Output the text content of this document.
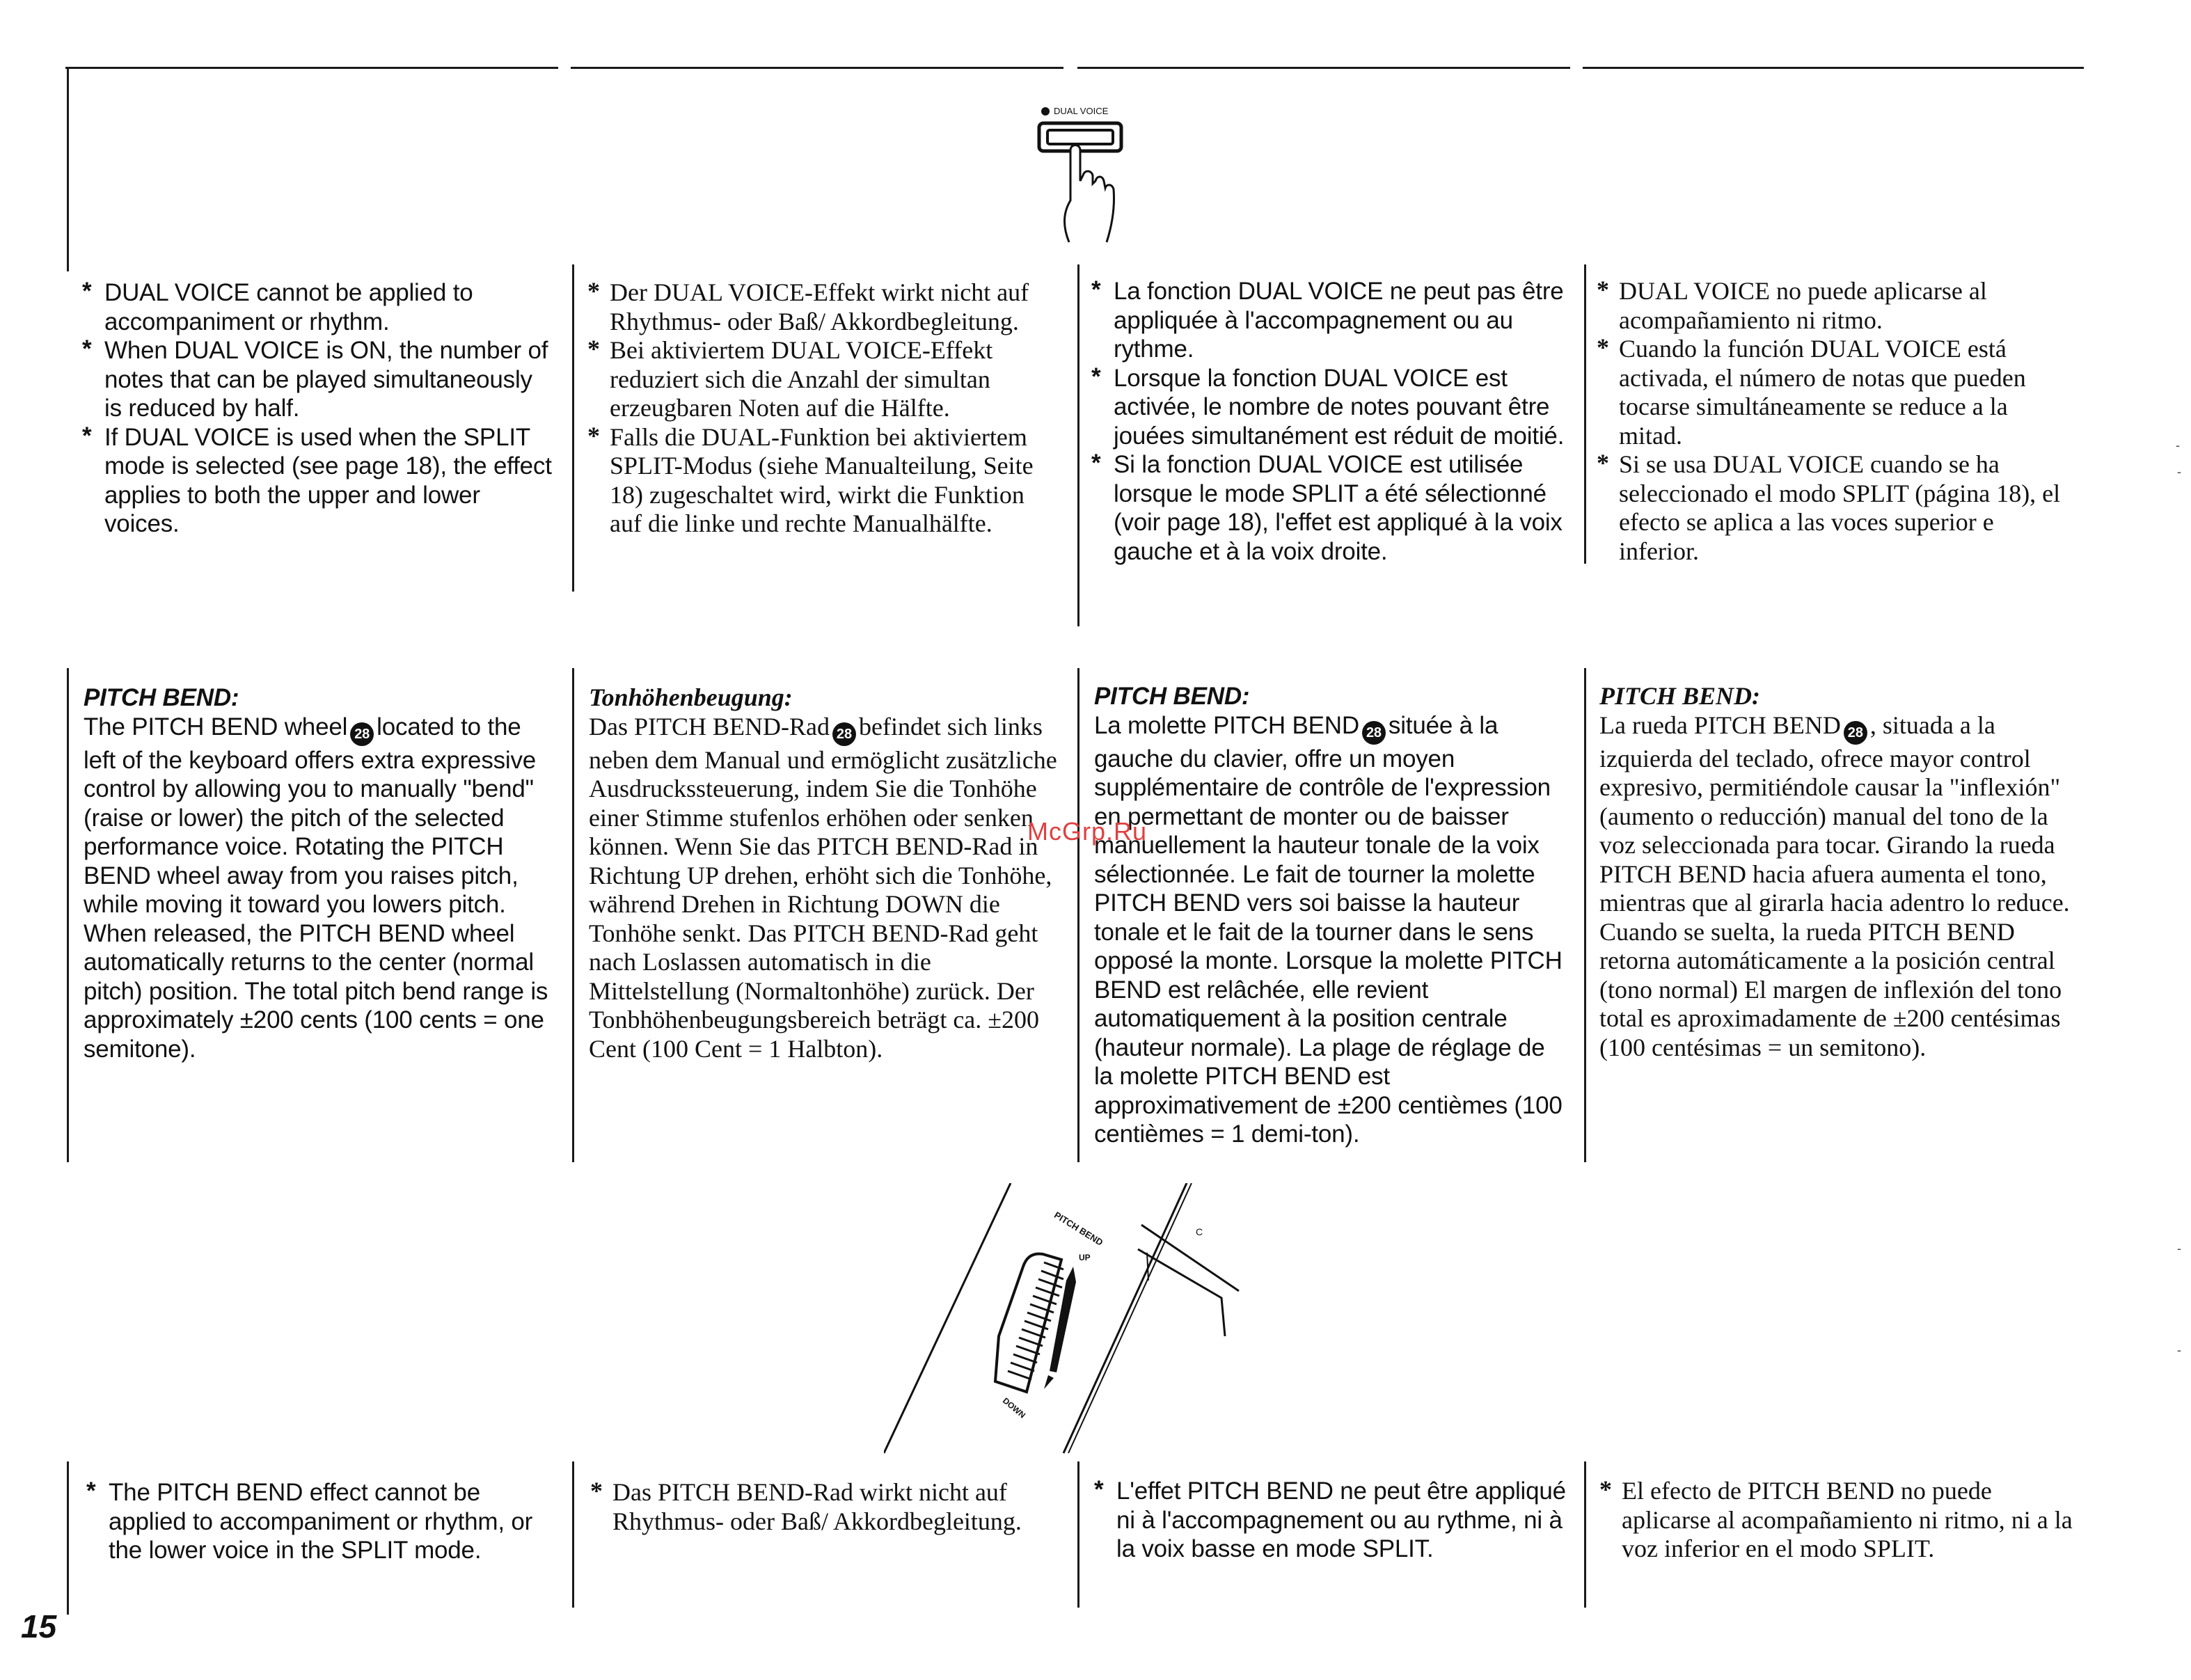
DUAL VOICE
PITCH BEND
UP
DOWN
C
* DUAL VOICE cannot be applied to accompaniment or rhythm.
* When DUAL VOICE is ON, the number of notes that can be played simultaneously is reduced by half.
* If DUAL VOICE is used when the SPLIT mode is selected (see page 18), the effect applies to both the upper and lower voices.
PITCH BEND:
The PITCH BEND wheel 28 located to the left of the keyboard offers extra expressive control by allowing you to manually "bend" (raise or lower) the pitch of the selected performance voice. Rotating the PITCH BEND wheel away from you raises pitch, while moving it toward you lowers pitch. When released, the PITCH BEND wheel automatically returns to the center (normal pitch) position. The total pitch bend range is approximately ±200 cents (100 cents = one semitone).
* The PITCH BEND effect cannot be applied to accompaniment or rhythm, or the lower voice in the SPLIT mode.
* Der DUAL VOICE-Effekt wirkt nicht auf Rhythmus- oder Baß/ Akkordbegleitung.
* Bei aktiviertem DUAL VOICE-Effekt reduziert sich die Anzahl der simultan erzeugbaren Noten auf die Hälfte.
* Falls die DUAL-Funktion bei aktiviertem SPLIT-Modus (siehe Manualteilung, Seite 18) zugeschaltet wird, wirkt die Funktion auf die linke und rechte Manualhälfte.
Tonhöhenbeugung:
Das PITCH BEND-Rad 28 befindet sich links neben dem Manual und ermöglicht zusätzliche Ausdruckssteuerung, indem Sie die Tonhöhe einer Stimme stufenlos erhöhen oder senken können. Wenn Sie das PITCH BEND-Rad in Richtung UP drehen, erhöht sich die Tonhöhe, während Drehen in Richtung DOWN die Tonhöhe senkt. Das PITCH BEND-Rad geht nach Loslassen automatisch in die Mittelstellung (Normaltonhöhe) zurück. Der Tonbhöhenbeugungsbereich beträgt ca. ±200 Cent (100 Cent = 1 Halbton).
* Das PITCH BEND-Rad wirkt nicht auf Rhythmus- oder Baß/ Akkordbegleitung.
* La fonction DUAL VOICE ne peut pas être appliquée à l'accompagnement ou au rythme.
* Lorsque la fonction DUAL VOICE est activée, le nombre de notes pouvant être jouées simultanément est réduit de moitié.
* Si la fonction DUAL VOICE est utilisée lorsque le mode SPLIT a été sélectionné (voir page 18), l'effet est appliqué à la voix gauche et à la voix droite.
PITCH BEND:
La molette PITCH BEND 28 située à la gauche du clavier, offre un moyen supplémentaire de contrôle de l'expression en permettant de monter ou de baisser manuellement la hauteur tonale de la voix sélectionnée. Le fait de tourner la molette PITCH BEND vers soi baisse la hauteur tonale et le fait de la tourner dans le sens opposé la monte. Lorsque la molette PITCH BEND est relâchée, elle revient automatiquement à la position centrale (hauteur normale). La plage de réglage de la molette PITCH BEND est approximativement de ±200 centièmes (100 centièmes = 1 demi-ton).
* L'effet PITCH BEND ne peut être appliqué ni à l'accompagnement ou au rythme, ni à la voix basse en mode SPLIT.
* DUAL VOICE no puede aplicarse al acompañamiento ni ritmo.
* Cuando la función DUAL VOICE está activada, el número de notas que pueden tocarse simultáneamente se reduce a la mitad.
* Si se usa DUAL VOICE cuando se ha seleccionado el modo SPLIT (página 18), el efecto se aplica a las voces superior e inferior.
PITCH BEND:
La rueda PITCH BEND 28 , situada a la izquierda del teclado, ofrece mayor control expresivo, permitiéndole causar la "inflexión" (aumento o reducción) manual del tono de la voz seleccionada para tocar. Girando la rueda PITCH BEND hacia afuera aumenta el tono, mientras que al girarla hacia adentro lo reduce. Cuando se suelta, la rueda PITCH BEND retorna automáticamente a la posición central (tono normal) El margen de inflexión del tono total es aproximadamente de ±200 centésimas (100 centésimas = un semitono).
* El efecto de PITCH BEND no puede aplicarse al acompañamiento ni ritmo, ni a la voz inferior en el modo SPLIT.
McGrp.Ru
15
-
-
-
-
